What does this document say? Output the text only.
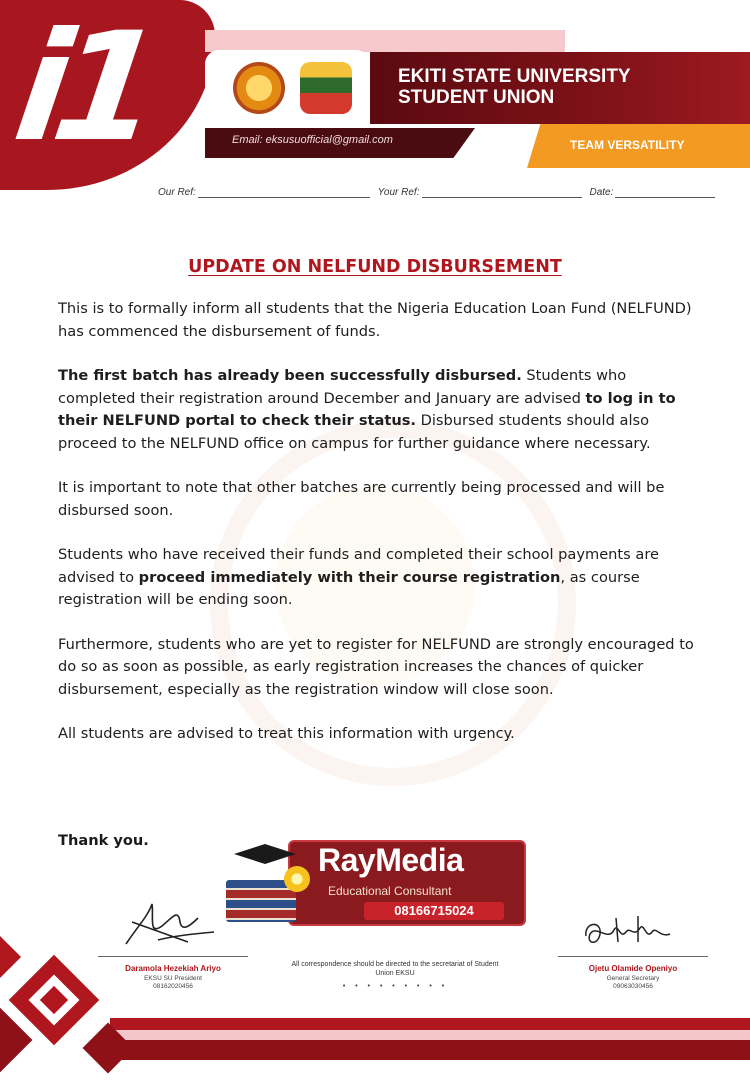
i1	EKITI STATE UNIVERSITY
STUDENT UNION
Email: eksusuofficial@gmail.com	TEAM VERSATILITY
Our Ref:	Your Ref:	Date:
UPDATE ON NELFUND DISBURSEMENT

This is to formally inform all students that the Nigeria Education Loan Fund (NELFUND) has commenced the disbursement of funds.

The first batch has already been successfully disbursed. Students who completed their registration around December and January are advised to log in to their NELFUND portal to check their status. Disbursed students should also proceed to the NELFUND office on campus for further guidance where necessary.

It is important to note that other batches are currently being processed and will be disbursed soon.

Students who have received their funds and completed their school payments are advised to proceed immediately with their course registration, as course registration will be ending soon.

Furthermore, students who are yet to register for NELFUND are strongly encouraged to do so as soon as possible, as early registration increases the chances of quicker disbursement, especially as the registration window will close soon.

All students are advised to treat this information with urgency.

Thank you.
RayMedia
Educational Consultant
08166715024
Daramola Hezekiah Ariyo
EKSU SU President
08162020456
Ojetu Olamide Openiyo
General Secretary
09063030456
All correspondence should be directed to the secretariat of Student Union EKSU
• • • • • • • • •
